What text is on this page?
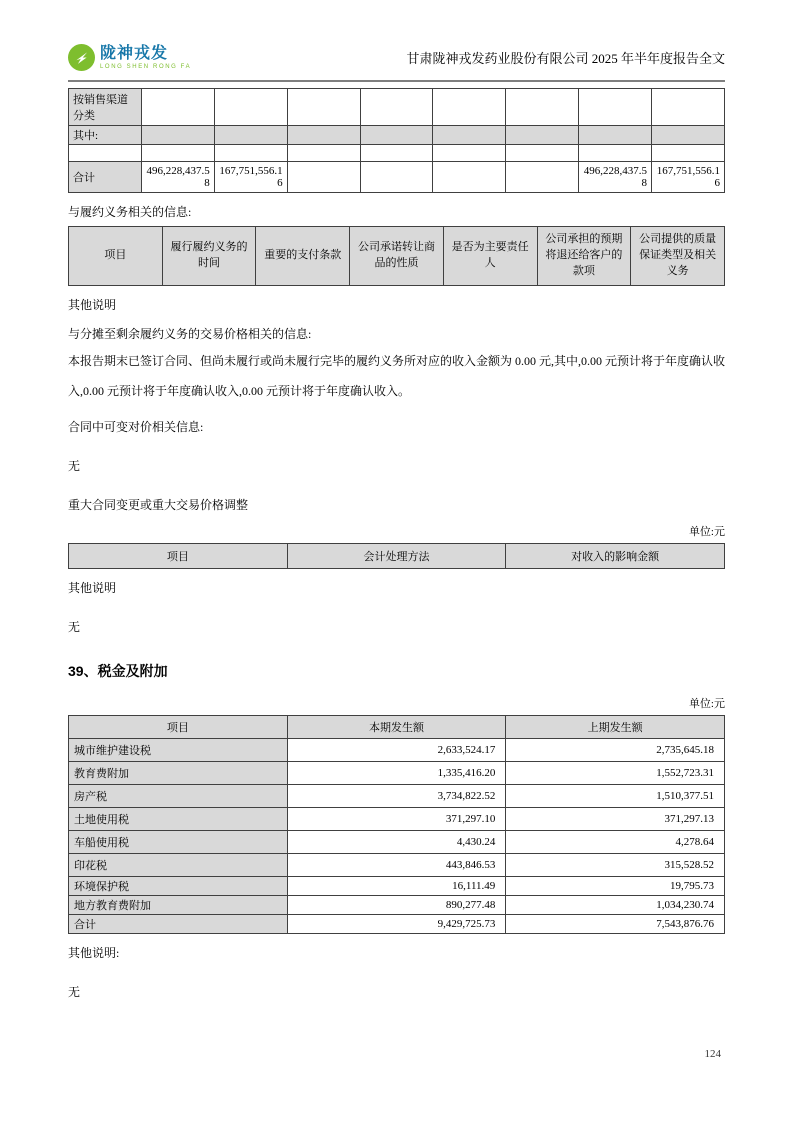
陇神戎发
LONG SHEN RONG FA
甘肃陇神戎发药业股份有限公司 2025 年半年度报告全文
按销售渠道分类								
其中:								

合计	496,228,437.58	167,751,556.16					496,228,437.58	167,751,556.16

与履约义务相关的信息:

项目	履行履约义务的时间	重要的支付条款	公司承诺转让商品的性质	是否为主要责任人	公司承担的预期将退还给客户的款项	公司提供的质量保证类型及相关义务

其他说明

与分摊至剩余履约义务的交易价格相关的信息:

本报告期末已签订合同、但尚未履行或尚未履行完毕的履约义务所对应的收入金额为 0.00 元,其中,0.00 元预计将于年度确认收入,0.00 元预计将于年度确认收入,0.00 元预计将于年度确认收入。

合同中可变对价相关信息:

无

重大合同变更或重大交易价格调整

单位:元

项目	会计处理方法	对收入的影响金额

其他说明

无

39、税金及附加

单位:元

项目	本期发生额	上期发生额
城市维护建设税	2,633,524.17	2,735,645.18
教育费附加	1,335,416.20	1,552,723.31
房产税	3,734,822.52	1,510,377.51
土地使用税	371,297.10	371,297.13
车船使用税	4,430.24	4,278.64
印花税	443,846.53	315,528.52
环境保护税	16,111.49	19,795.73
地方教育费附加	890,277.48	1,034,230.74
合计	9,429,725.73	7,543,876.76

其他说明:

无

124
